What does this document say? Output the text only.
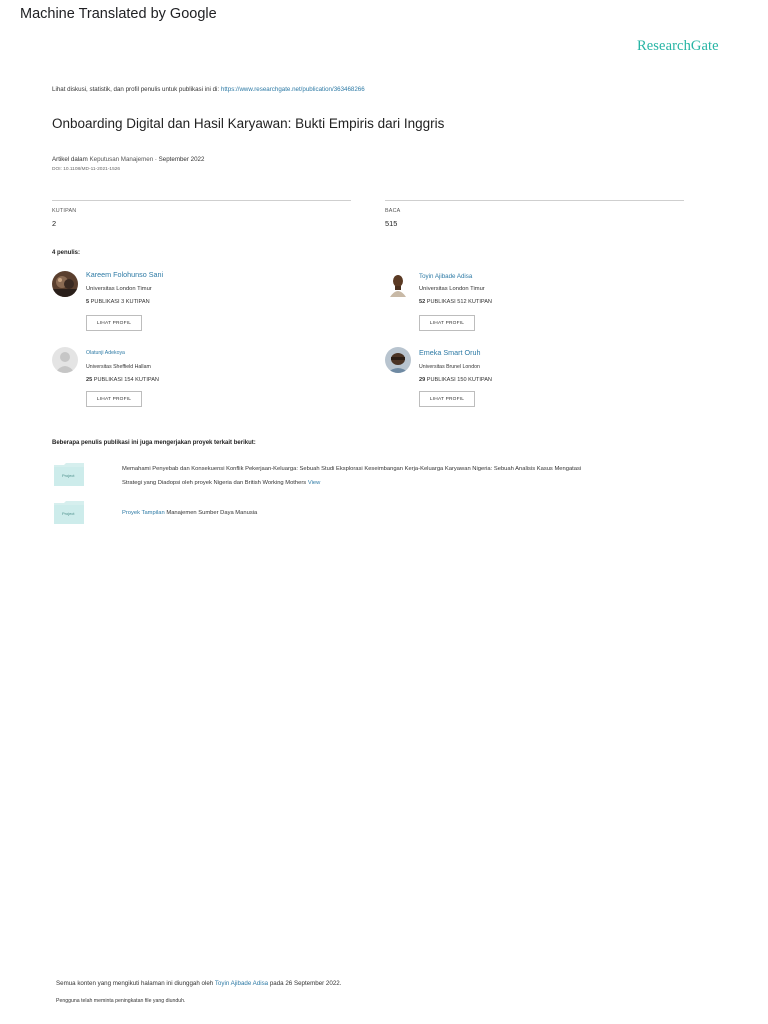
Machine Translated by Google
ResearchGate
Lihat diskusi, statistik, dan profil penulis untuk publikasi ini di: https://www.researchgate.net/publication/363468266
Onboarding Digital dan Hasil Karyawan: Bukti Empiris dari Inggris
Artikel dalam Keputusan Manajemen · September 2022
DOI: 10.1108/MD-11-2021-1526
KUTIPAN
2
BACA
515
4 penulis:
Kareem Folohunso Sani
Universitas London Timur
5 PUBLIKASI 3 KUTIPAN
LIHAT PROFIL
Toyin Ajibade Adisa
Universitas London Timur
52 PUBLIKASI 512 KUTIPAN
LIHAT PROFIL
Olatunji Adekoya
Universitas Sheffield Hallam
25 PUBLIKASI 154 KUTIPAN
LIHAT PROFIL
Emeka Smart Oruh
Universitas Brunel London
29 PUBLIKASI 150 KUTIPAN
LIHAT PROFIL
Beberapa penulis publikasi ini juga mengerjakan proyek terkait berikut:
Project
Memahami Penyebab dan Konsekuensi Konflik Pekerjaan-Keluarga: Sebuah Studi Eksplorasi Keseimbangan Kerja-Keluarga Karyawan Nigeria: Sebuah Analisis Kasus Mengatasi
Strategi yang Diadopsi oleh proyek Nigeria dan British Working Mothers View
Project	Proyek Tampilan Manajemen Sumber Daya Manusia
Semua konten yang mengikuti halaman ini diunggah oleh Toyin Ajibade Adisa pada 26 September 2022.
Pengguna telah meminta peningkatan file yang diunduh.
